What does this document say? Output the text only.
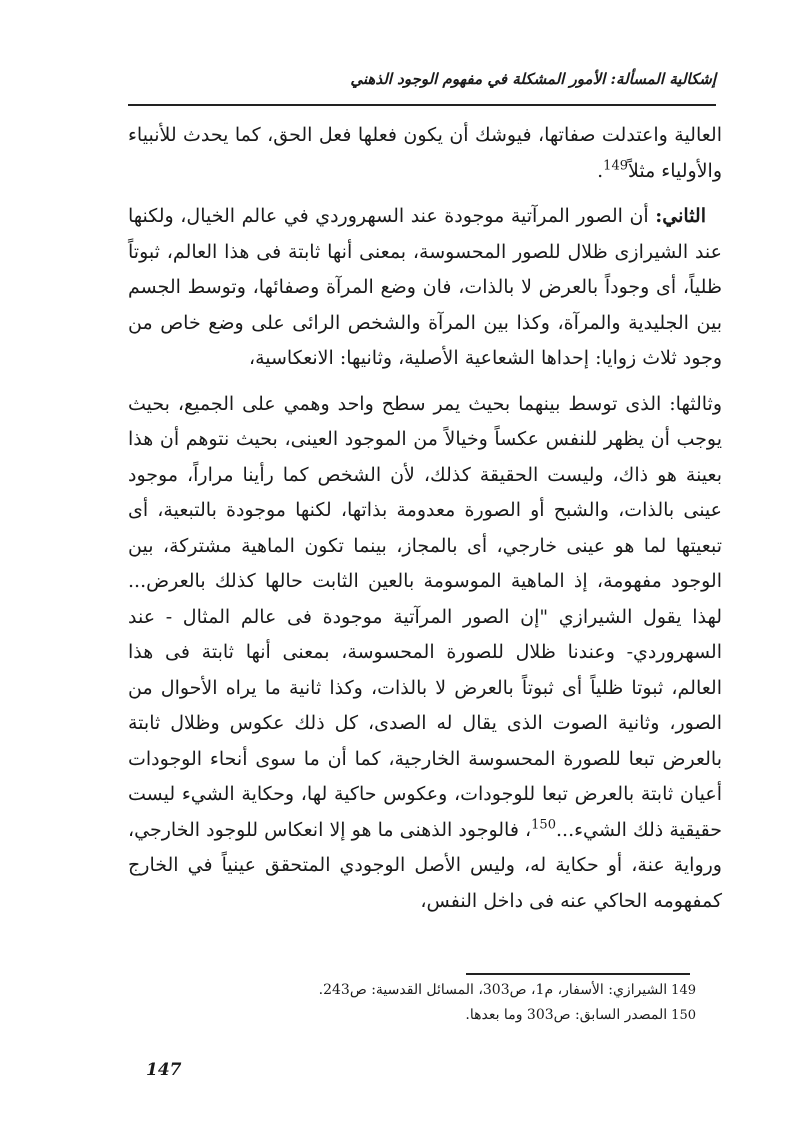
إشكالية المسألة: الأمور المشكلة في مفهوم الوجود الذهني

العالية واعتدلت صفاتها، فيوشك أن يكون فعلها فعل الحق، كما يحدث للأنبياء والأولياء مثلاً$^{149}$.

الثاني: أن الصور المرآتية موجودة عند السهروردي في عالم الخيال، ولكنها عند الشيرازى ظلال للصور المحسوسة، بمعنى أنها ثابتة فى هذا العالم، ثبوتاً ظلياً، أى وجوداً بالعرض لا بالذات، فان وضع المرآة وصفائها، وتوسط الجسم بين الجليدية والمرآة، وكذا بين المرآة والشخص الرائى على وضع خاص من وجود ثلاث زوايا: إحداها الشعاعية الأصلية، وثانيها: الانعكاسية،

وثالثها: الذى توسط بينهما بحيث يمر سطح واحد وهمي على الجميع، بحيث يوجب أن يظهر للنفس عكساً وخيالاً من الموجود العينى، بحيث نتوهم أن هذا بعينة هو ذاك، وليست الحقيقة كذلك، لأن الشخص كما رأينا مراراً، موجود عينى بالذات، والشبح أو الصورة معدومة بذاتها، لكنها موجودة بالتبعية، أى تبعيتها لما هو عينى خارجي، أى بالمجاز، بينما تكون الماهية مشتركة، بين الوجود مفهومة، إذ الماهية الموسومة بالعين الثابت حالها كذلك بالعرض... لهذا يقول الشيرازي "إن الصور المرآتية موجودة فى عالم المثال - عند السهروردي- وعندنا ظلال للصورة المحسوسة، بمعنى أنها ثابتة فى هذا العالم، ثبوتا ظلياً أى ثبوتاً بالعرض لا بالذات، وكذا ثانية ما يراه الأحوال من الصور، وثانية الصوت الذى يقال له الصدى، كل ذلك عكوس وظلال ثابتة بالعرض تبعا للصورة المحسوسة الخارجية، كما أن ما سوى أنحاء الوجودات أعيان ثابتة بالعرض تبعا للوجودات، وعكوس حاكية لها، وحكاية الشيء ليست حقيقية ذلك الشيء...$^{150}$، فالوجود الذهنى ما هو إلا انعكاس للوجود الخارجي، ورواية عنة، أو حكاية له، وليس الأصل الوجودي المتحقق عينياً في الخارج كمفهومه الحاكي عنه فى داخل النفس،

149الشيرازي: الأسفار، م1، ص303، المسائل القدسية: ص243.
150المصدر السابق: ص303 وما بعدها.
147
